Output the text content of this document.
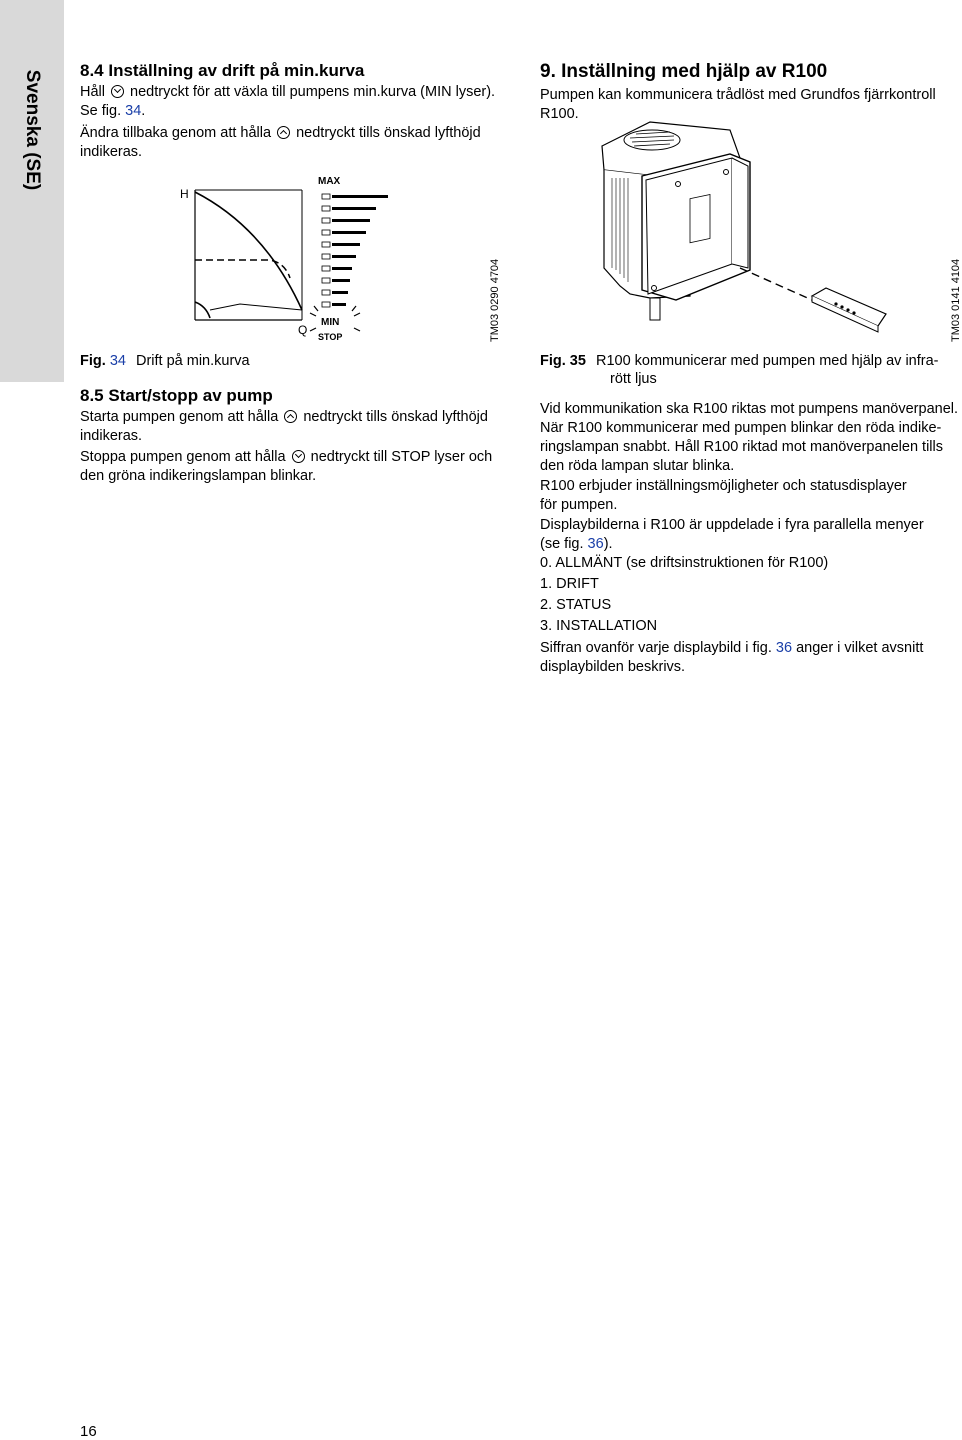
Svenska (SE) 8.4 Inställning av drift på min.kurva
Håll nedtryckt för att växla till pumpens min.kurva (MIN lyser).
Se fig. 34.
Ändra tillbaka genom att hålla nedtryckt tills önskad lyfthöjd
indikeras.
H
Q
MAX
MIN
STOP	TM03 0290 4704
Fig. 34 Drift på min.kurva
8.5 Start/stopp av pump
Starta pumpen genom att hålla nedtryckt tills önskad lyfthöjd
indikeras.
Stoppa pumpen genom att hålla nedtryckt till STOP lyser och
den gröna indikeringslampan blinkar.
9. Inställning med hjälp av R100
Pumpen kan kommunicera trådlöst med Grundfos fjärrkontroll R100.
TM03 0141 4104
Fig. 35 R100 kommunicerar med pumpen med hjälp av infra-
rött ljus
Vid kommunikation ska R100 riktas mot pumpens manöverpanel.
När R100 kommunicerar med pumpen blinkar den röda indike-
ringslampan snabbt. Håll R100 riktad mot manöverpanelen tills
den röda lampan slutar blinka.
R100 erbjuder inställningsmöjligheter och statusdisplayer
för pumpen.
Displaybilderna i R100 är uppdelade i fyra parallella menyer
(se fig. 36).
0. ALLMÄNT (se driftsinstruktionen för R100)
1. DRIFT
2. STATUS
3. INSTALLATION
Siffran ovanför varje displaybild i fig. 36 anger i vilket avsnitt
displaybilden beskrivs.
16
